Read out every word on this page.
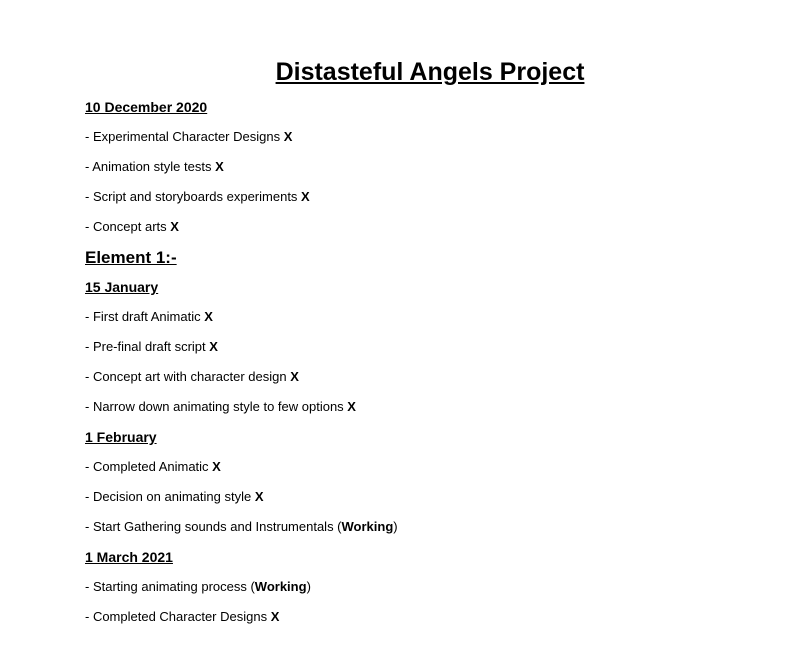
Distasteful Angels Project
10 December 2020
- Experimental Character Designs X
- Animation style tests X
- Script and storyboards experiments X
- Concept arts X
Element 1:-
15 January
- First draft Animatic X
- Pre-final draft script X
- Concept art with character design X
- Narrow down animating style to few options X
1 February
- Completed Animatic X
- Decision on animating style X
- Start Gathering sounds and Instrumentals (Working)
1 March 2021
- Starting animating process (Working)
- Completed Character Designs X
